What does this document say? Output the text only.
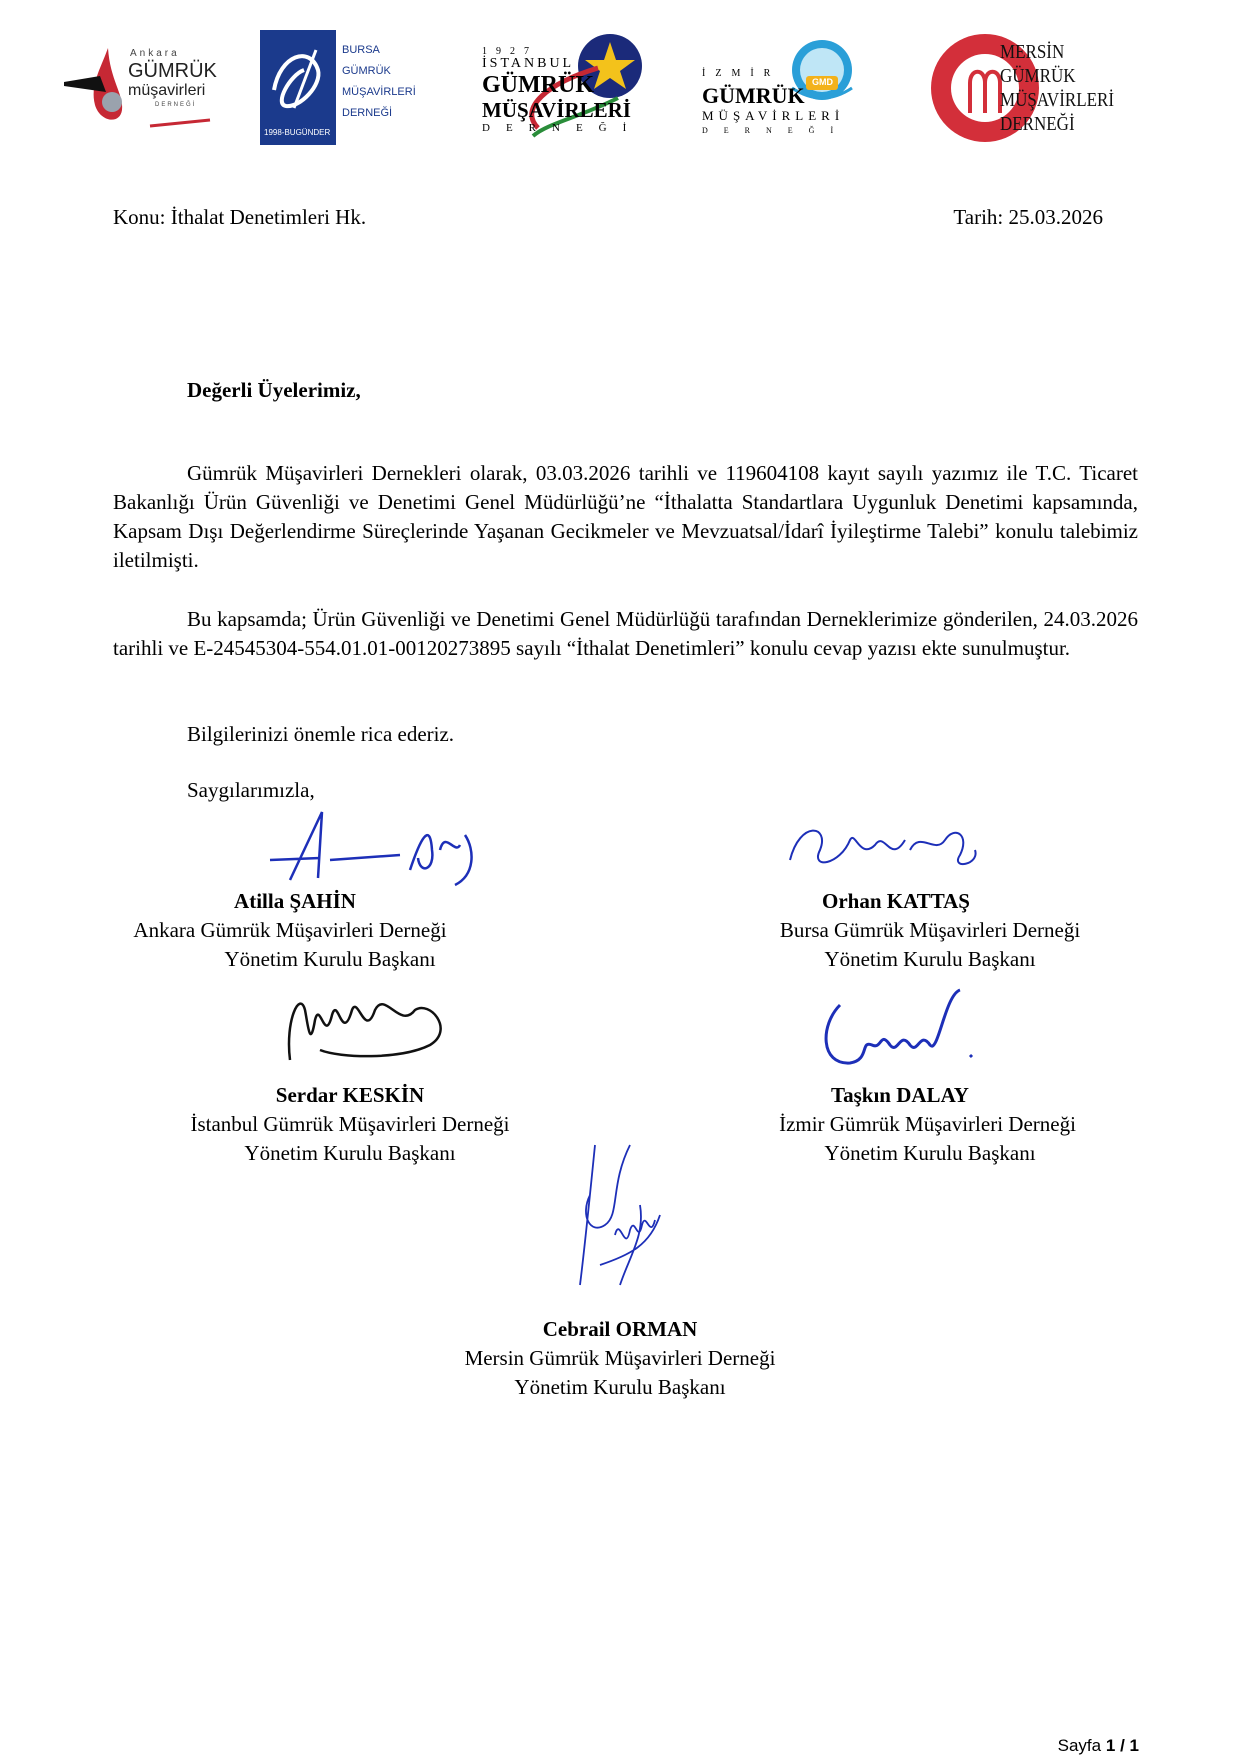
Ankara
GÜMRÜK
müşavirleri
DERNEĞİ
1998-BUGÜNDER
BURSA
GÜMRÜK
MÜŞAVİRLERİ
DERNEĞİ
1927
İSTANBUL
GÜMRÜK
MÜŞAVİRLERİ
DERNEĞİ
GMD
İZMİR
GÜMRÜK
MÜŞAVİRLERİ
DERNEĞİ
MERSİN
GÜMRÜK
MÜŞAVİRLERİ
DERNEĞİ
Konu: İthalat Denetimleri Hk.	Tarih: 25.03.2026
Değerli Üyelerimiz,

Gümrük Müşavirleri Dernekleri olarak, 03.03.2026 tarihli ve 119604108 kayıt sayılı yazımız ile T.C. Ticaret Bakanlığı Ürün Güvenliği ve Denetimi Genel Müdürlüğü’ne “İthalatta Standartlara Uygunluk Denetimi kapsamında, Kapsam Dışı Değerlendirme Süreçlerinde Yaşanan Gecikmeler ve Mevzuatsal/İdarî İyileştirme Talebi” konulu talebimiz iletilmişti.

Bu kapsamda; Ürün Güvenliği ve Denetimi Genel Müdürlüğü tarafından Derneklerimize gönderilen, 24.03.2026 tarihli ve E-24545304-554.01.01-00120273895 sayılı “İthalat Denetimleri” konulu cevap yazısı ekte sunulmuştur.

Bilgilerinizi önemle rica ederiz.

Saygılarımızla,

Atilla ŞAHİN
Ankara Gümrük Müşavirleri Derneği
Yönetim Kurulu Başkanı
Orhan KATTAŞ
Bursa Gümrük Müşavirleri Derneği
Yönetim Kurulu Başkanı
Serdar KESKİN
İstanbul Gümrük Müşavirleri Derneği
Yönetim Kurulu Başkanı
Taşkın DALAY
İzmir Gümrük Müşavirleri Derneği
Yönetim Kurulu Başkanı
Cebrail ORMAN
Mersin Gümrük Müşavirleri Derneği
Yönetim Kurulu Başkanı
Sayfa 1 / 1
